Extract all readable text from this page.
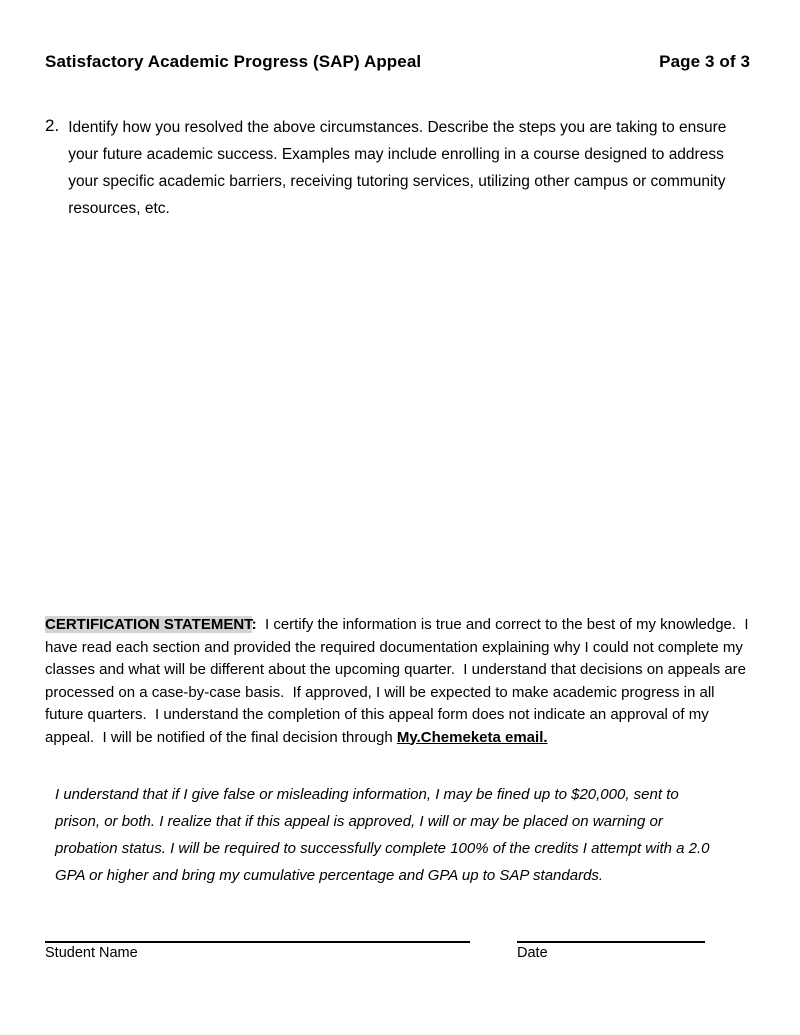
Satisfactory Academic Progress (SAP) Appeal	Page 3 of 3
2. Identify how you resolved the above circumstances. Describe the steps you are taking to ensure your future academic success. Examples may include enrolling in a course designed to address your specific academic barriers, receiving tutoring services, utilizing other campus or community resources, etc.

CERTIFICATION STATEMENT:  I certify the information is true and correct to the best of my knowledge.  I have read each section and provided the required documentation explaining why I could not complete my classes and what will be different about the upcoming quarter.  I understand that decisions on appeals are processed on a case-by-case basis.  If approved, I will be expected to make academic progress in all future quarters.  I understand the completion of this appeal form does not indicate an approval of my appeal.  I will be notified of the final decision through My.Chemeketa email.

I understand that if I give false or misleading information, I may be fined up to $20,000, sent to prison, or both. I realize that if this appeal is approved, I will or may be placed on warning or probation status. I will be required to successfully complete 100% of the credits I attempt with a 2.0 GPA or higher and bring my cumulative percentage and GPA up to SAP standards.

Student Name	Date
